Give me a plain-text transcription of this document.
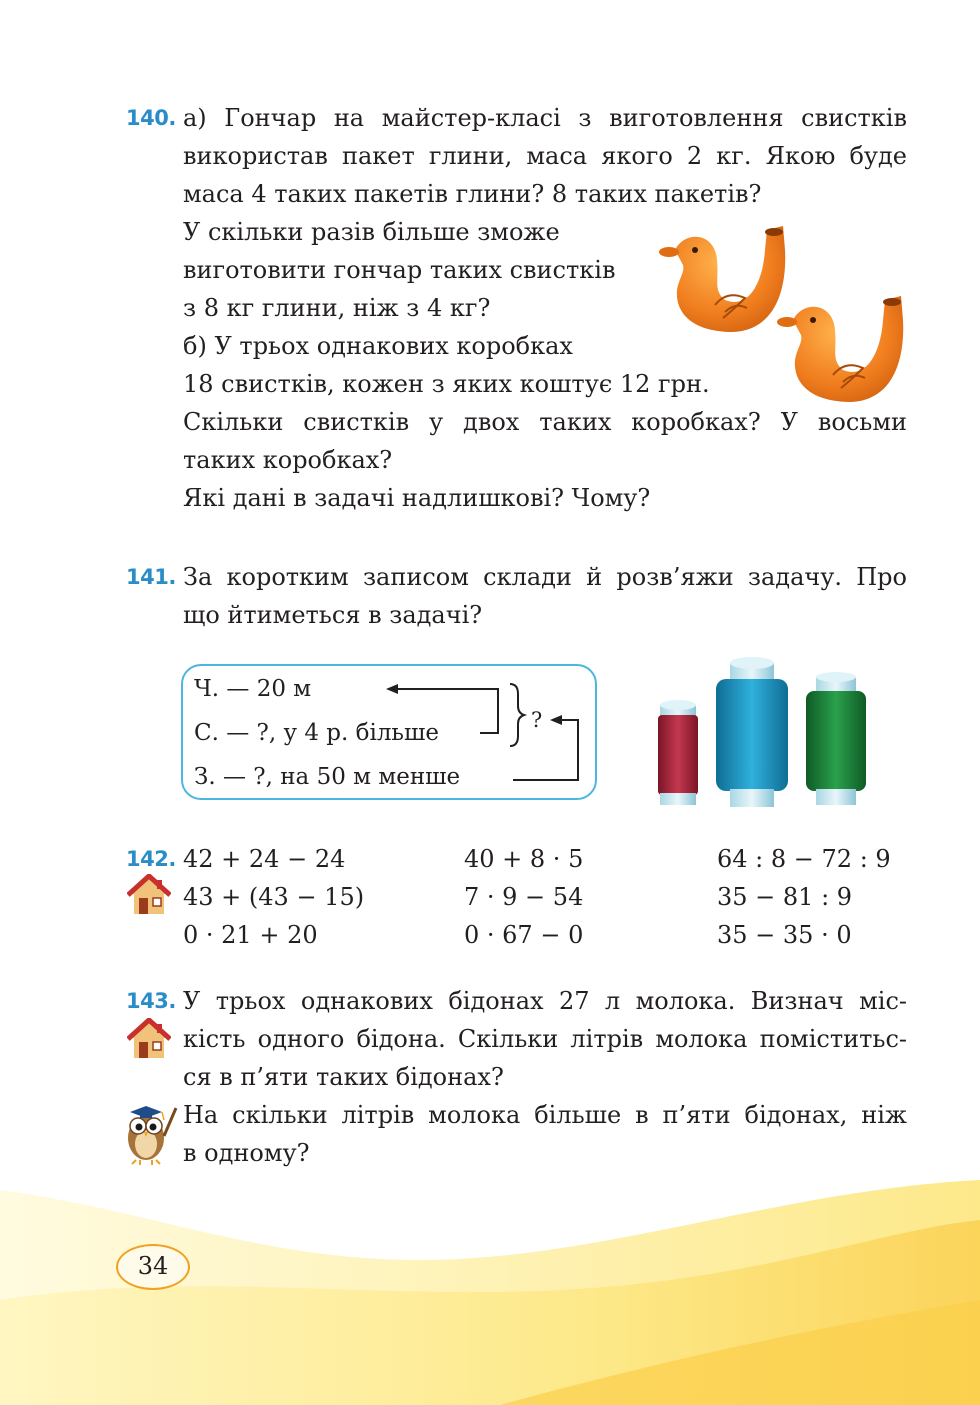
140. а) Гончар на майстер-класі з виготовлення свистків
використав пакет глини, маса якого 2 кг. Якою буде
маса 4 таких пакетів глини? 8 таких пакетів?
У скільки разів більше зможе
виготовити гончар таких свистків
з 8 кг глини, ніж з 4 кг?
б) У трьох однакових коробках
18 свистків, кожен з яких коштує 12 грн.
Скільки свистків у двох таких коробках? У восьми
таких коробках?
Які дані в задачі надлишкові? Чому?
141. За коротким записом склади й розв’яжи задачу. Про
що йтиметься в задачі?
Ч. — 20 м
С. — ?, у 4 р. більше
З. — ?, на 50 м менше
?
142. 42 + 24 − 24
43 + (43 − 15)
0 · 21 + 20
40 + 8 · 5
7 · 9 − 54
0 · 67 − 0
64 : 8 − 72 : 9
35 − 81 : 9
35 − 35 · 0
143. У трьох однакових бідонах 27 л молока. Визнач міс-
кість одного бідона. Скільки літрів молока поміститьс-
ся в п’яти таких бідонах?
На скільки літрів молока більше в п’яти бідонах, ніж
в одному?
34
